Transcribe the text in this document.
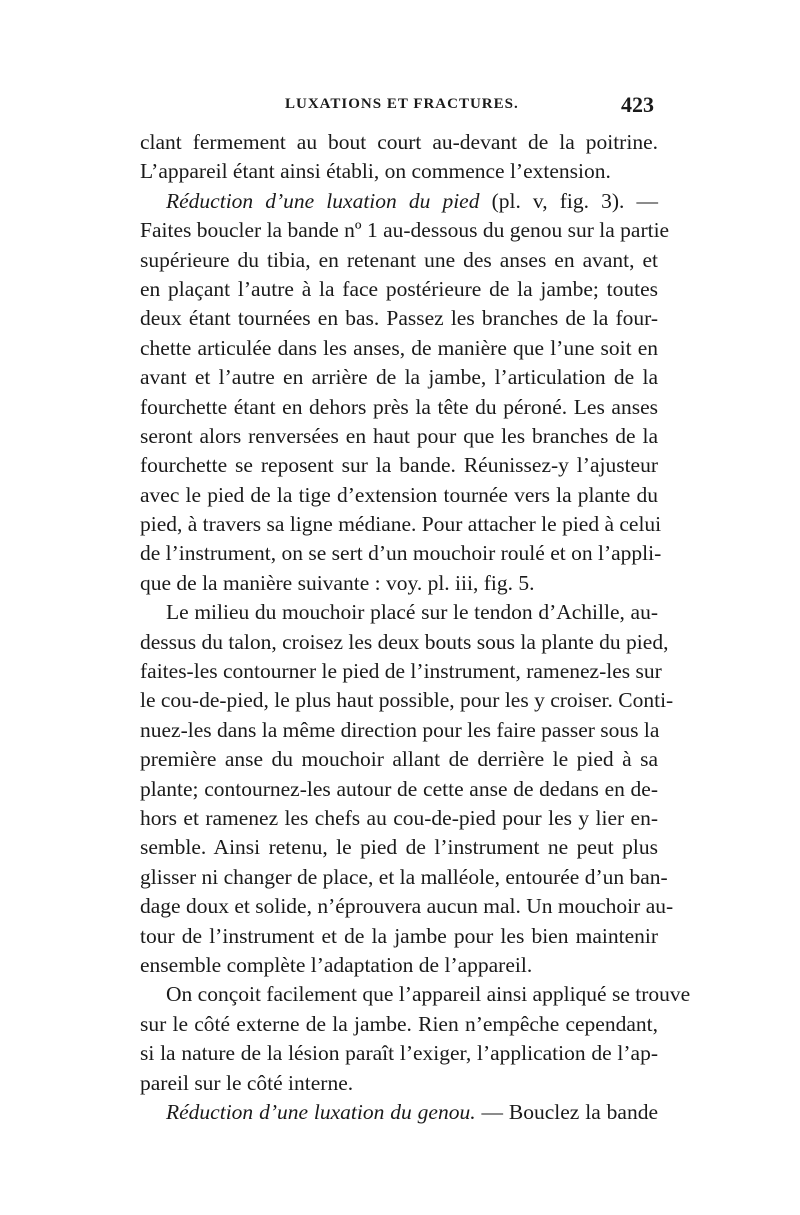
LUXATIONS ET FRACTURES.	423
clant fermement au bout court au-devant de la poitrine.
L’appareil étant ainsi établi, on commence l’extension.
Réduction d’une luxation du pied (pl. v, fig. 3). —
Faites boucler la bande nº 1 au-dessous du genou sur la partie
supérieure du tibia, en retenant une des anses en avant, et
en plaçant l’autre à la face postérieure de la jambe; toutes
deux étant tournées en bas. Passez les branches de la four-
chette articulée dans les anses, de manière que l’une soit en
avant et l’autre en arrière de la jambe, l’articulation de la
fourchette étant en dehors près la tête du péroné. Les anses
seront alors renversées en haut pour que les branches de la
fourchette se reposent sur la bande. Réunissez-y l’ajusteur
avec le pied de la tige d’extension tournée vers la plante du
pied, à travers sa ligne médiane. Pour attacher le pied à celui
de l’instrument, on se sert d’un mouchoir roulé et on l’appli-
que de la manière suivante : voy. pl. iii, fig. 5.
Le milieu du mouchoir placé sur le tendon d’Achille, au-
dessus du talon, croisez les deux bouts sous la plante du pied,
faites-les contourner le pied de l’instrument, ramenez-les sur
le cou-de-pied, le plus haut possible, pour les y croiser. Conti-
nuez-les dans la même direction pour les faire passer sous la
première anse du mouchoir allant de derrière le pied à sa
plante; contournez-les autour de cette anse de dedans en de-
hors et ramenez les chefs au cou-de-pied pour les y lier en-
semble. Ainsi retenu, le pied de l’instrument ne peut plus
glisser ni changer de place, et la malléole, entourée d’un ban-
dage doux et solide, n’éprouvera aucun mal. Un mouchoir au-
tour de l’instrument et de la jambe pour les bien maintenir
ensemble complète l’adaptation de l’appareil.
On conçoit facilement que l’appareil ainsi appliqué se trouve
sur le côté externe de la jambe. Rien n’empêche cependant,
si la nature de la lésion paraît l’exiger, l’application de l’ap-
pareil sur le côté interne.
Réduction d’une luxation du genou. — Bouclez la bande
